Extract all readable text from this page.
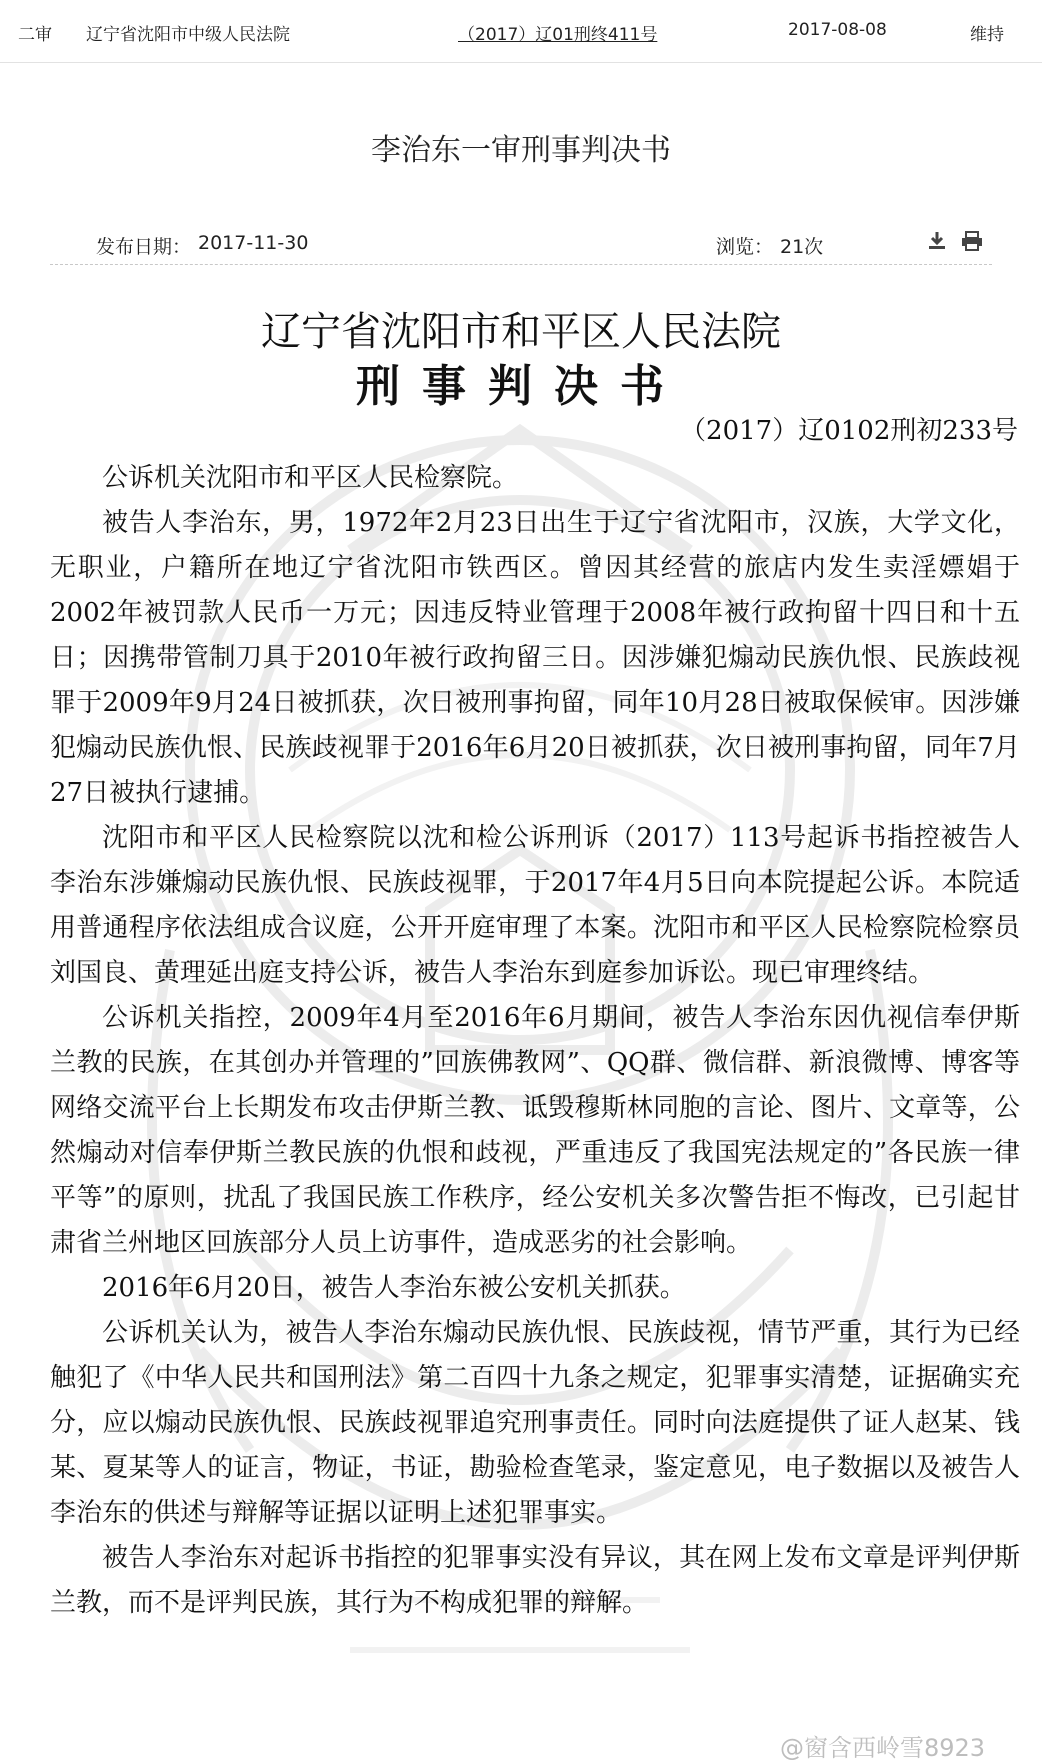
二审 辽宁省沈阳市中级人民法院	（2017）辽01刑终411号	2017-08-08	维持
李治东一审刑事判决书
发布日期： 2017-11-30	浏览： 21次

辽宁省沈阳市和平区人民法院
刑事判决书
（2017）辽0102刑初233号

公诉机关沈阳市和平区人民检察院。

被告人李治东，男，1972年2月23日出生于辽宁省沈阳市，汉族，大学文化，无职业，户籍所在地辽宁省沈阳市铁西区。曾因其经营的旅店内发生卖淫嫖娼于2002年被罚款人民币一万元；因违反特业管理于2008年被行政拘留十四日和十五日；因携带管制刀具于2010年被行政拘留三日。因涉嫌犯煽动民族仇恨、民族歧视罪于2009年9月24日被抓获，次日被刑事拘留，同年10月28日被取保候审。因涉嫌犯煽动民族仇恨、民族歧视罪于2016年6月20日被抓获，次日被刑事拘留，同年7月27日被执行逮捕。

沈阳市和平区人民检察院以沈和检公诉刑诉（2017）113号起诉书指控被告人李治东涉嫌煽动民族仇恨、民族歧视罪，于2017年4月5日向本院提起公诉。本院适用普通程序依法组成合议庭，公开开庭审理了本案。沈阳市和平区人民检察院检察员刘国良、黄理延出庭支持公诉，被告人李治东到庭参加诉讼。现已审理终结。

公诉机关指控，2009年4月至2016年6月期间，被告人李治东因仇视信奉伊斯兰教的民族，在其创办并管理的”回族佛教网”、QQ群、微信群、新浪微博、博客等网络交流平台上长期发布攻击伊斯兰教、诋毁穆斯林同胞的言论、图片、文章等，公然煽动对信奉伊斯兰教民族的仇恨和歧视，严重违反了我国宪法规定的”各民族一律平等”的原则，扰乱了我国民族工作秩序，经公安机关多次警告拒不悔改，已引起甘肃省兰州地区回族部分人员上访事件，造成恶劣的社会影响。

2016年6月20日，被告人李治东被公安机关抓获。

公诉机关认为，被告人李治东煽动民族仇恨、民族歧视，情节严重，其行为已经触犯了《中华人民共和国刑法》第二百四十九条之规定，犯罪事实清楚，证据确实充分，应以煽动民族仇恨、民族歧视罪追究刑事责任。同时向法庭提供了证人赵某、钱某、夏某等人的证言，物证，书证，勘验检查笔录，鉴定意见，电子数据以及被告人李治东的供述与辩解等证据以证明上述犯罪事实。

被告人李治东对起诉书指控的犯罪事实没有异议，其在网上发布文章是评判伊斯兰教，而不是评判民族，其行为不构成犯罪的辩解。

@窗含西岭雪8923
